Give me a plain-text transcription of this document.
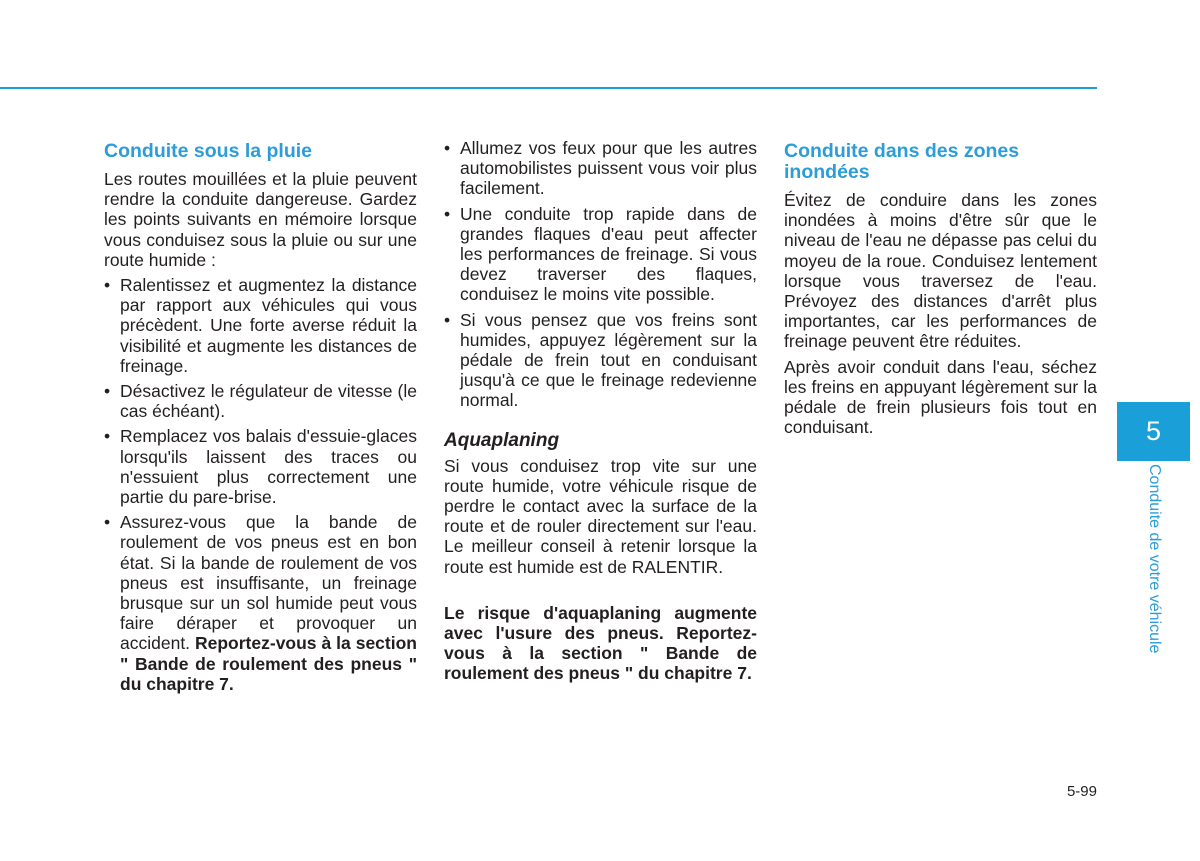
Conduite sous la pluie

Les routes mouillées et la pluie peuvent rendre la conduite dangereuse. Gardez les points suivants en mémoire lorsque vous conduisez sous la pluie ou sur une route humide :

• Ralentissez et augmentez la distance par rapport aux véhicules qui vous précèdent. Une forte averse réduit la visibilité et augmente les distances de freinage.
• Désactivez le régulateur de vitesse (le cas échéant).
• Remplacez vos balais d'essuie-glaces lorsqu'ils laissent des traces ou n'essuient plus correctement une partie du pare-brise.
• Assurez-vous que la bande de roulement de vos pneus est en bon état. Si la bande de roulement de vos pneus est insuffisante, un freinage brusque sur un sol humide peut vous faire déraper et provoquer un accident. Reportez-vous à la section " Bande de roulement des pneus " du chapitre 7.
• Allumez vos feux pour que les autres automobilistes puissent vous voir plus facilement.
• Une conduite trop rapide dans de grandes flaques d'eau peut affecter les performances de freinage. Si vous devez traverser des flaques, conduisez le moins vite possible.
• Si vous pensez que vos freins sont humides, appuyez légèrement sur la pédale de frein tout en conduisant jusqu'à ce que le freinage redevienne normal.
Aquaplaning

Si vous conduisez trop vite sur une route humide, votre véhicule risque de perdre le contact avec la surface de la route et de rouler directement sur l'eau. Le meilleur conseil à retenir lorsque la route est humide est de RALENTIR.

Le risque d'aquaplaning augmente avec l'usure des pneus. Reportez-vous à la section " Bande de roulement des pneus " du chapitre 7.

Conduite dans des zones inondées

Évitez de conduire dans les zones inondées à moins d'être sûr que le niveau de l'eau ne dépasse pas celui du moyeu de la roue. Conduisez lentement lorsque vous traversez de l'eau. Prévoyez des distances d'arrêt plus importantes, car les performances de freinage peuvent être réduites.

Après avoir conduit dans l'eau, séchez les freins en appuyant légèrement sur la pédale de frein plusieurs fois tout en conduisant.	5
Conduite de votre véhicule
5-99
